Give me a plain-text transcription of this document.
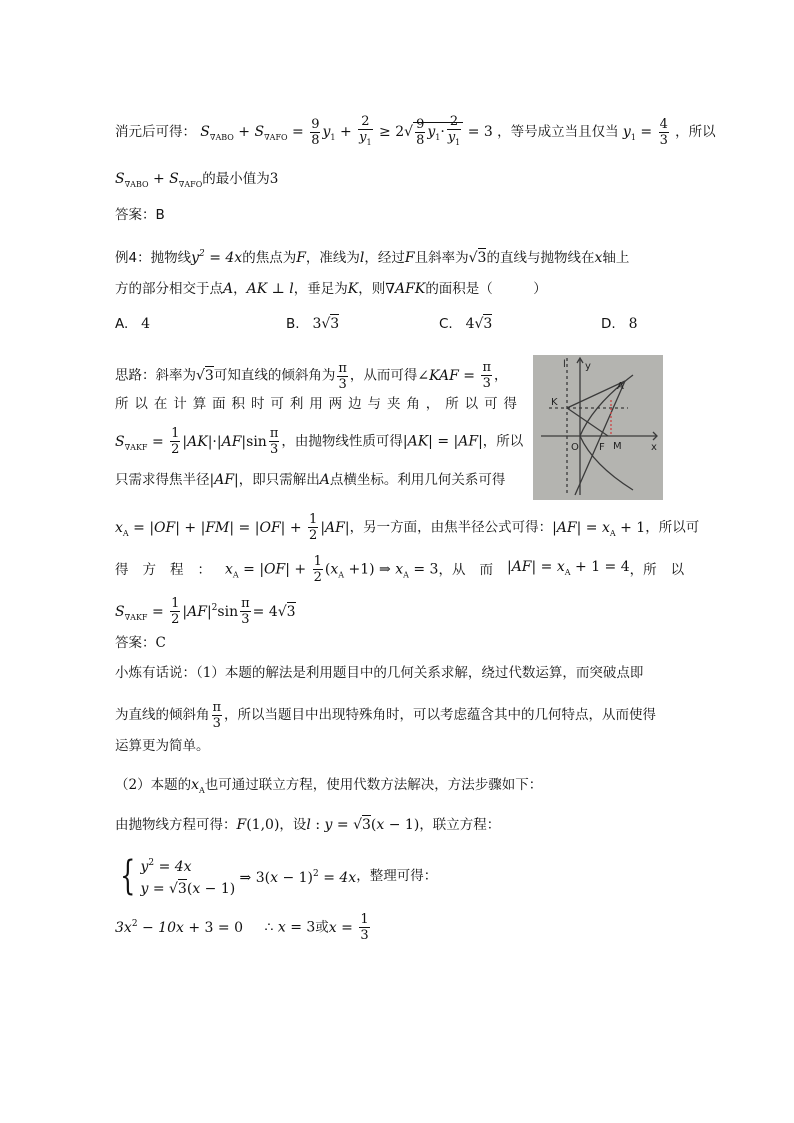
消元后可得： $S_{\nabla ABO} + S_{\nabla AFO} = \frac{9}{8} y_1 + \frac{2}{y_1} \ge 2√ \frac{9}{8} y_1\cdot \frac{2}{y_1} = 3$ ，等号成立当且仅当 $y_1 = \frac{4}{3}$ ，所以
$S_{\nabla ABO} + S_{\nabla AFO}$的最小值为3
答案：B
例4：抛物线$y^2 = 4x$的焦点为F，准线为l，经过F且斜率为√3的直线与抛物线在x轴上
方的部分相交于点A，AK ⊥ l，垂足为K，则∇AFK的面积是（　　　）
A. 4	B. 3√3	C. 4√3	D. 8
思路：斜率为√3可知直线的倾斜角为 $\frac{\pi}{3}$ ，从而可得∠KAF = $\frac{\pi}{3}$ ，
所以在计算面积时可利用两边与夹角，所以可得
$S_{\nabla AKF} = \frac{1}{2} |AK|\cdot|AF|\sin \frac{\pi}{3}$ ，由抛物线性质可得|AK| = |AF|，所以
只需求得焦半径|AF|，即只需解出A点横坐标。利用几何关系可得
l y
K
A
O F M	x
$x_A = |OF| + |FM| = |OF| + \frac{1}{2} |AF|$，另一方面，由焦半径公式可得：$|AF| = x_A + 1$，所以可
得方程： $x_A = |OF| + \frac{1}{2} (x_A +1)$ ⇒ $x_A = 3$ ， 从而 $|AF| = x_A + 1 = 4$ ， 所以
$S_{\nabla AKF} = \frac{1}{2} |AF|^2\sin \frac{\pi}{3} = 4√3$
答案：C
小炼有话说：（1）本题的解法是利用题目中的几何关系求解，绕过代数运算，而突破点即
为直线的倾斜角 $\frac{\pi}{3}$ ，所以当题目中出现特殊角时，可以考虑蕴含其中的几何特点，从而使得
运算更为简单。
（2）本题的$x_A$也可通过联立方程，使用代数方法解决，方法步骤如下：
由抛物线方程可得：F(1,0)，设l : y = √3(x − 1)，联立方程：
{ $y^2 = 4x$
y = √3(x − 1) ⇒ $3(x - 1)^2 = 4x$，整理可得：
$3x^2 - 10x + 3 = 0$ ∴ x = 3或$x = \frac{1}{3}$
